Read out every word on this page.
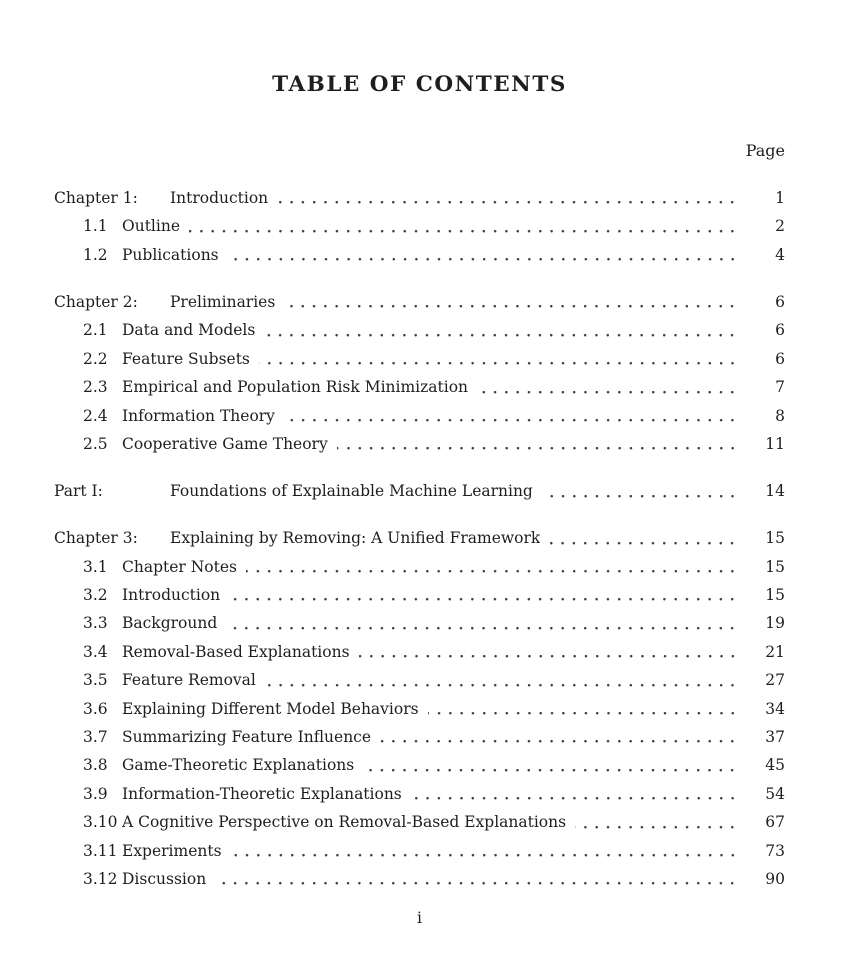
TABLE OF CONTENTS
Page
Chapter 1:	Introduction	1
1.1 Outline	2
1.2 Publications	4
Chapter 2:	Preliminaries	6
2.1 Data and Models	6
2.2 Feature Subsets	6
2.3 Empirical and Population Risk Minimization	7
2.4 Information Theory	8
2.5 Cooperative Game Theory	11
Part I:	Foundations of Explainable Machine Learning	14
Chapter 3:	Explaining by Removing: A Unified Framework	15
3.1 Chapter Notes	15
3.2 Introduction	15
3.3 Background	19
3.4 Removal-Based Explanations	21
3.5 Feature Removal	27
3.6 Explaining Different Model Behaviors	34
3.7 Summarizing Feature Influence	37
3.8 Game-Theoretic Explanations	45
3.9 Information-Theoretic Explanations	54
3.10 A Cognitive Perspective on Removal-Based Explanations	67
3.11 Experiments	73
3.12 Discussion	90
i
